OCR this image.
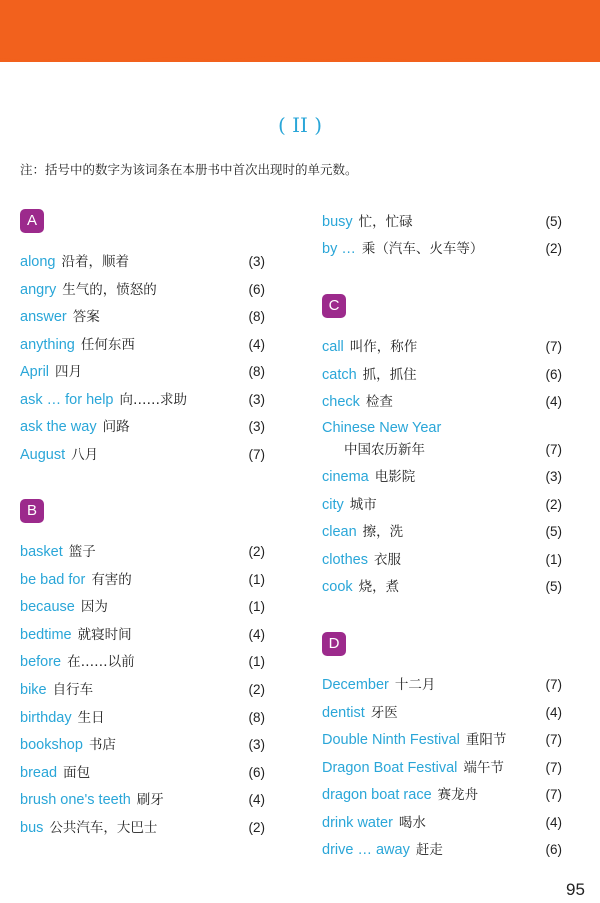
( II )
注：括号中的数字为该词条在本册书中首次出现时的单元数。
A
along 沿着，顺着	(3)
angry 生气的，愤怒的	(6)
answer 答案	(8)
anything 任何东西	(4)
April 四月	(8)
ask … for help 向……求助	(3)
ask the way 问路	(3)
August 八月	(7)
B
basket 篮子	(2)
be bad for 有害的	(1)
because 因为	(1)
bedtime 就寝时间	(4)
before 在……以前	(1)
bike 自行车	(2)
birthday 生日	(8)
bookshop 书店	(3)
bread 面包	(6)
brush one's teeth 刷牙	(4)
bus 公共汽车，大巴士	(2)
busy 忙，忙碌	(5)
by … 乘（汽车、火车等）	(2)
C
call 叫作，称作	(7)
catch 抓，抓住	(6)
check 检查	(4)
Chinese New Year
中国农历新年	(7)
cinema 电影院	(3)
city 城市	(2)
clean 擦，洗	(5)
clothes 衣服	(1)
cook 烧，煮	(5)
D
December 十二月	(7)
dentist 牙医	(4)
Double Ninth Festival 重阳节	(7)
Dragon Boat Festival 端午节	(7)
dragon boat race 赛龙舟	(7)
drink water 喝水	(4)
drive … away 赶走	(6)
95
